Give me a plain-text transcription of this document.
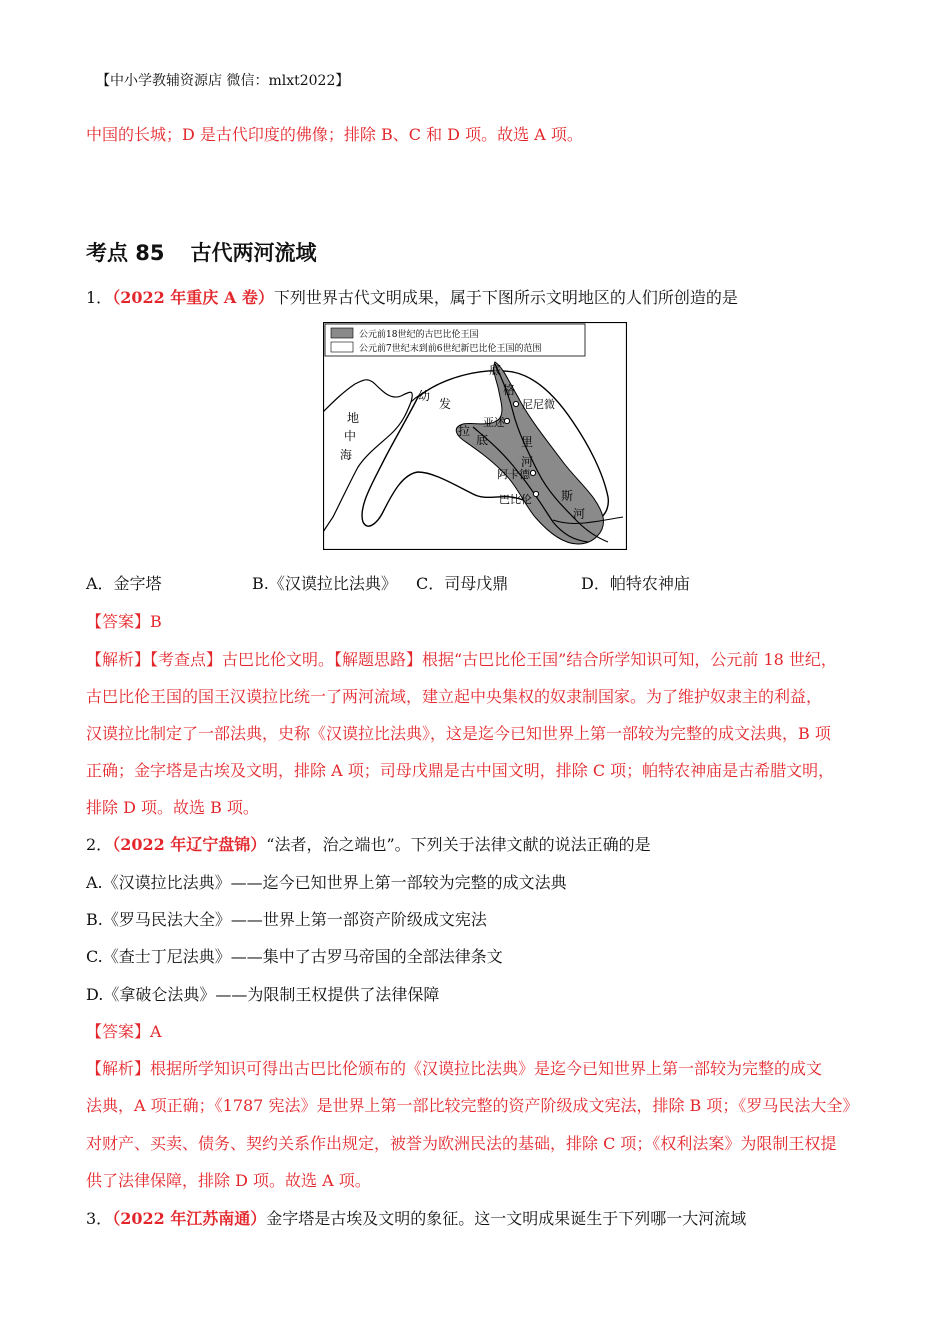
【中小学教辅资源店 微信：mlxt2022】
中国的长城；D 是古代印度的佛像；排除 B、C 和 D 项。故选 A 项。
考点 85 古代两河流域
1．（2022 年重庆 A 卷）下列世界古代文明成果，属于下图所示文明地区的人们所创造的是
公元前18世纪的古巴比伦王国
公元前7世纪末到前6世纪新巴比伦王国的范围
地
中
海
幼
发
拉
底
底
格
里
河
斯
河
尼尼微
亚述
阿卡德
巴比伦
A．金字塔	B.《汉谟拉比法典》 C．司母戊鼎	D．帕特农神庙
【答案】B
【解析】【考查点】古巴比伦文明。【解题思路】根据“古巴比伦王国”结合所学知识可知，公元前 18 世纪，
古巴比伦王国的国王汉谟拉比统一了两河流域，建立起中央集权的奴隶制国家。为了维护奴隶主的利益，
汉谟拉比制定了一部法典，史称《汉谟拉比法典》，这是迄今已知世界上第一部较为完整的成文法典，B 项
正确；金字塔是古埃及文明，排除 A 项；司母戊鼎是古中国文明，排除 C 项；帕特农神庙是古希腊文明，
排除 D 项。故选 B 项。
2．（2022 年辽宁盘锦）“法者，治之端也”。下列关于法律文献的说法正确的是
A.《汉谟拉比法典》——迄今已知世界上第一部较为完整的成文法典
B.《罗马民法大全》——世界上第一部资产阶级成文宪法
C.《查士丁尼法典》——集中了古罗马帝国的全部法律条文
D.《拿破仑法典》——为限制王权提供了法律保障
【答案】A
【解析】根据所学知识可得出古巴比伦颁布的《汉谟拉比法典》是迄今已知世界上第一部较为完整的成文
法典，A 项正确；《1787 宪法》是世界上第一部比较完整的资产阶级成文宪法，排除 B 项；《罗马民法大全》
对财产、买卖、债务、契约关系作出规定，被誉为欧洲民法的基础，排除 C 项；《权利法案》为限制王权提
供了法律保障，排除 D 项。故选 A 项。
3．（2022 年江苏南通）金字塔是古埃及文明的象征。这一文明成果诞生于下列哪一大河流域
